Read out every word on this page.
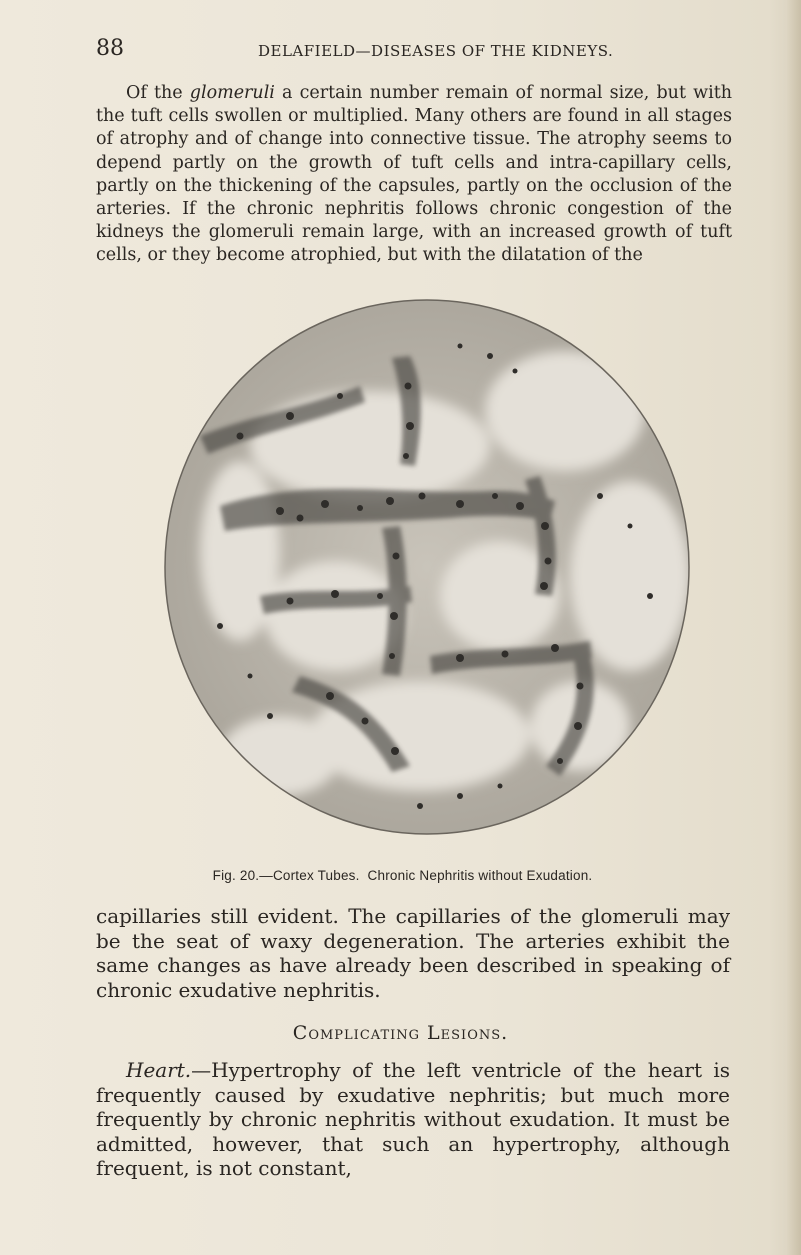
88	DELAFIELD—DISEASES OF THE KIDNEYS.

Of the glomeruli a certain number remain of normal size, but with the tuft cells swollen or multiplied. Many others are found in all stages of atrophy and of change into connective tissue. The atrophy seems to depend partly on the growth of tuft cells and intra-capillary cells, partly on the thickening of the capsules, partly on the occlusion of the arteries. If the chronic nephritis follows chronic congestion of the kidneys the glomeruli remain large, with an increased growth of tuft cells, or they become atrophied, but with the dilatation of the

Fig. 20.—Cortex Tubes. Chronic Nephritis without Exudation.

capillaries still evident. The capillaries of the glomeruli may be the seat of waxy degeneration. The arteries exhibit the same changes as have already been described in speaking of chronic exudative nephritis.

Complicating Lesions.

Heart.—Hypertrophy of the left ventricle of the heart is frequently caused by exudative nephritis; but much more frequently by chronic nephritis without exudation. It must be admitted, however, that such an hypertrophy, although frequent, is not constant,
